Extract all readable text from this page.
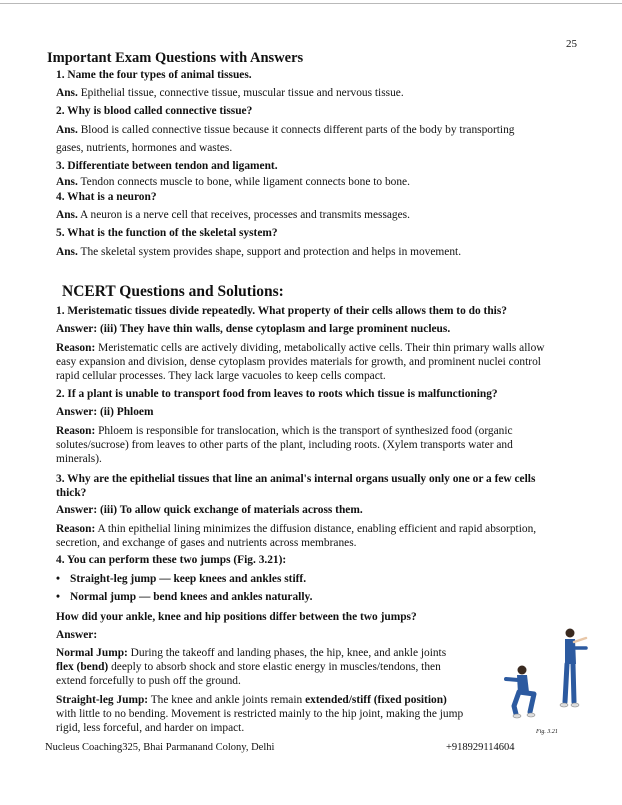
25
Important Exam Questions with Answers
1. Name the four types of animal tissues.
Ans. Epithelial tissue, connective tissue, muscular tissue and nervous tissue.
2. Why is blood called connective tissue?
Ans. Blood is called connective tissue because it connects different parts of the body by transporting
gases, nutrients, hormones and wastes.
3. Differentiate between tendon and ligament.
Ans. Tendon connects muscle to bone, while ligament connects bone to bone.
4. What is a neuron?
Ans. A neuron is a nerve cell that receives, processes and transmits messages.
5. What is the function of the skeletal system?
Ans. The skeletal system provides shape, support and protection and helps in movement.
NCERT Questions and Solutions:
1. Meristematic tissues divide repeatedly. What property of their cells allows them to do this?
Answer: (iii) They have thin walls, dense cytoplasm and large prominent nucleus.
Reason: Meristematic cells are actively dividing, metabolically active cells. Their thin primary walls allow
easy expansion and division, dense cytoplasm provides materials for growth, and prominent nuclei control
rapid cellular processes. They lack large vacuoles to keep cells compact.
2. If a plant is unable to transport food from leaves to roots which tissue is malfunctioning?
Answer: (ii) Phloem
Reason: Phloem is responsible for translocation, which is the transport of synthesized food (organic
solutes/sucrose) from leaves to other parts of the plant, including roots. (Xylem transports water and
minerals).
3. Why are the epithelial tissues that line an animal's internal organs usually only one or a few cells
thick?
Answer: (iii) To allow quick exchange of materials across them.
Reason: A thin epithelial lining minimizes the diffusion distance, enabling efficient and rapid absorption,
secretion, and exchange of gases and nutrients across membranes.
4. You can perform these two jumps (Fig. 3.21):
• Straight-leg jump — keep knees and ankles stiff.
• Normal jump — bend knees and ankles naturally.
How did your ankle, knee and hip positions differ between the two jumps?
Answer:
Normal Jump: During the takeoff and landing phases, the hip, knee, and ankle joints
flex (bend) deeply to absorb shock and store elastic energy in muscles/tendons, then
extend forcefully to push off the ground.
Straight-leg Jump: The knee and ankle joints remain extended/stiff (fixed position)
with little to no bending. Movement is restricted mainly to the hip joint, making the jump
rigid, less forceful, and harder on impact.	Fig. 3.21
Nucleus Coaching325, Bhai Parmanand Colony, Delhi	+918929114604
